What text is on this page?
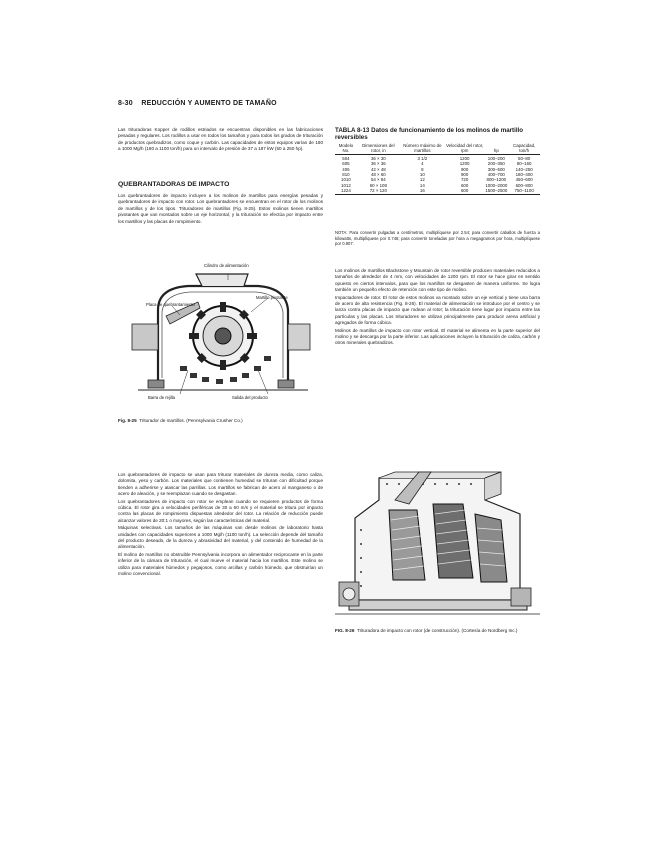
8-30 REDUCCIÓN Y AUMENTO DE TAMAÑO

Las trituradoras Kopper de rodillos estriados se encuentran disponibles en las fabricaciones pesadas y regulares. Los rodillos a usar en todos los tamaños y para todos los grados de trituración de productos quebradizos, como coque y carbón. Las capacidades de estos equipos varían de 180 a 1000 Mg/h (180 a 1100 ton/h) para un intervalo de presión de 37 a 187 kW (50 a 250 hp).

QUEBRANTADORAS DE IMPACTO

Los quebrantadores de impacto incluyen a los molinos de martillos para energías pesadas y quebrantadores de impacto con rotor. Los quebrantadores se encuentran en el rotor de los molinos de martillos y de los tipos. Trituradores de martillos (Fig. 8-25). Estos molinos tienen martillos pivotantes que van montados sobre un eje horizontal, y la trituración se efectúa por impacto entre los martillos y las placas de rompimiento.

Cilindro de alimentación
Placa de quebrantamiento
Martillo pivotante
Barra de rejilla	Salida del producto
Fig. 8-25 Triturador de martillos. (Pennsylvania Crusher Co.)
TABLA 8-13 Datos de funcionamiento de los molinos de martillo reversibles
Modelo No.	Dimensiones del rotor, in	Número máximo de martillos	Velocidad del rotor, rpm	hp	Capacidad, ton/h
504	36 × 30	3 1/2	1200	100–200	50–80
605	36 × 36	4	1200	200–350	80–160
406	42 × 48	8	900	300–500	140–250
810	48 × 60	10	900	400–700	180–400
1010	54 × 84	12	720	800–1200	450–600
1012	60 × 108	14	600	1000–2000	600–800
1224	72 × 120	16	600	1500–2500	750–1100
NOTA: Para convertir pulgadas a centímetros, multiplíquese por 2.54; para convertir caballos de fuerza a kilowatts, multiplíquese por 0.746; para convertir toneladas por hora a megagramos por hora, multiplíquese por 0.907.

Los molinos de martillos Blackstone y Mountain de rotor reversible producen materiales reducidos a tamaños de alrededor de 4 mm, con velocidades de 1200 rpm. El rotor se hace girar en sentido opuesto en ciertos intervalos, para que los martillos se desgasten de manera uniforme. Se logra también un pequeño efecto de retención con este tipo de molino.

Impactadores de rotor. El rotor de estos molinos va montado sobre un eje vertical y tiene una barra de acero de alta resistencia (Fig. 8-26). El material de alimentación se introduce por el centro y se lanza contra placas de impacto que rodean al rotor; la trituración tiene lugar por impacto entre las partículas y las placas. Los trituradores se utilizan principalmente para producir arena artificial y agregados de forma cúbica.

Molinos de martillos de impacto con rotor vertical. El material se alimenta en la parte superior del molino y se descarga por la parte inferior. Las aplicaciones incluyen la trituración de caliza, carbón y otros minerales quebradizos.

Los quebrantadores de impacto se usan para triturar materiales de dureza media, como caliza, dolomita, yeso y carbón. Los materiales que contienen humedad se trituran con dificultad porque tienden a adherirse y atascar las parrillas. Los martillos se fabrican de acero al manganeso o de acero de aleación, y se reemplazan cuando se desgastan.

Los quebrantadores de impacto con rotor se emplean cuando se requieren productos de forma cúbica. El rotor gira a velocidades periféricas de 30 a 60 m/s y el material se tritura por impacto contra las placas de rompimiento dispuestas alrededor del rotor. La relación de reducción puede alcanzar valores de 20:1 o mayores, según las características del material.

Máquinas selectivas. Los tamaños de las máquinas van desde molinos de laboratorio hasta unidades con capacidades superiores a 1000 Mg/h (1100 ton/h). La selección depende del tamaño del producto deseado, de la dureza y abrasividad del material, y del contenido de humedad de la alimentación.

El molino de martillos no obstruible Pennsylvania incorpora un alimentador reciprocante en la parte inferior de la cámara de trituración, el cual mueve el material hacia los martillos. Este molino se utiliza para materiales húmedos y pegajosos, como arcillas y carbón húmedo, que obstruirían un molino convencional.

FIG. 8-26 Trituradora de impacto con rotor (de construcción). (Cortesía de Nordberg Inc.)
